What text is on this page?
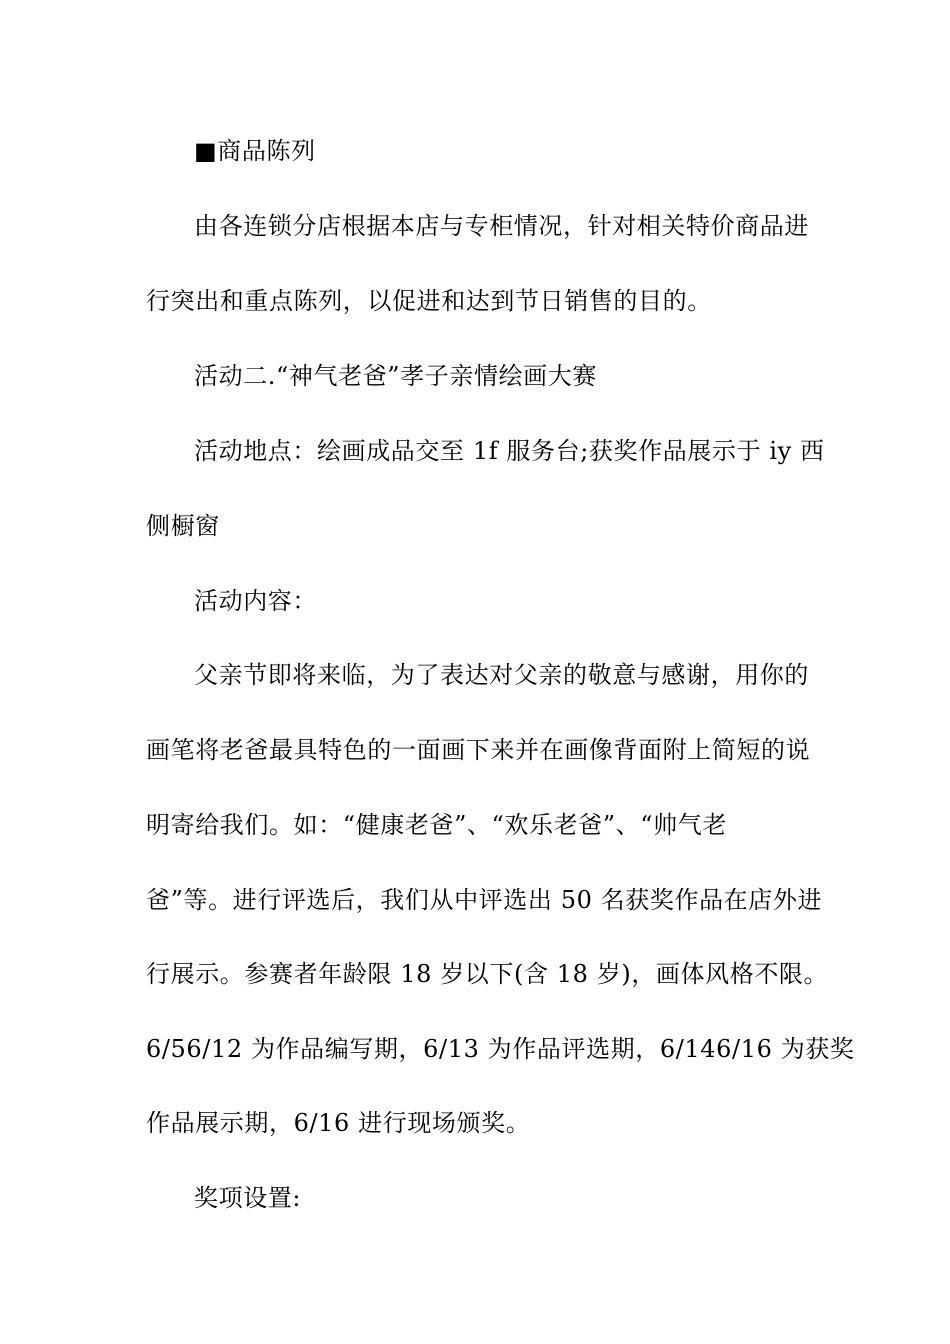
■商品陈列
由各连锁分店根据本店与专柜情况，针对相关特价商品进
行突出和重点陈列，以促进和达到节日销售的目的。
活动二.“神气老爸”孝子亲情绘画大赛
活动地点：绘画成品交至 1f 服务台;获奖作品展示于 iy 西
侧橱窗
活动内容：
父亲节即将来临，为了表达对父亲的敬意与感谢，用你的
画笔将老爸最具特色的一面画下来并在画像背面附上简短的说
明寄给我们。如：“健康老爸”、“欢乐老爸”、“帅气老
爸”等。进行评选后，我们从中评选出 50 名获奖作品在店外进
行展示。参赛者年龄限 18 岁以下(含 18 岁)，画体风格不限。
6/56/12 为作品编写期，6/13 为作品评选期，6/146/16 为获奖
作品展示期，6/16 进行现场颁奖。
奖项设置:
